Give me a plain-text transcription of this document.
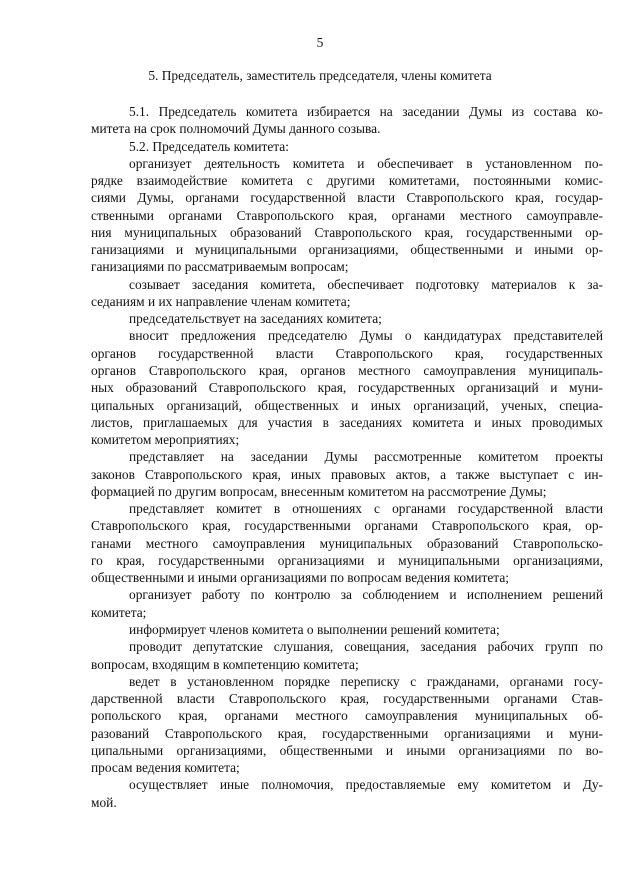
5
5. Председатель, заместитель председателя, члены комитета
5.1. Председатель комитета избирается на заседании Думы из состава ко-
митета на срок полномочий Думы данного созыва.
5.2. Председатель комитета:
организует деятельность комитета и обеспечивает в установленном по-
рядке взаимодействие комитета с другими комитетами, постоянными комис-
сиями Думы, органами государственной власти Ставропольского края, государ-
ственными органами Ставропольского края, органами местного самоуправле-
ния муниципальных образований Ставропольского края, государственными ор-
ганизациями и муниципальными организациями, общественными и иными ор-
ганизациями по рассматриваемым вопросам;
созывает заседания комитета, обеспечивает подготовку материалов к за-
седаниям и их направление членам комитета;
председательствует на заседаниях комитета;
вносит предложения председателю Думы о кандидатурах представителей
органов государственной власти Ставропольского края, государственных
органов Ставропольского края, органов местного самоуправления муниципаль-
ных образований Ставропольского края, государственных организаций и муни-
ципальных организаций, общественных и иных организаций, ученых, специа-
листов, приглашаемых для участия в заседаниях комитета и иных проводимых
комитетом мероприятиях;
представляет на заседании Думы рассмотренные комитетом проекты
законов Ставропольского края, иных правовых актов, а также выступает с ин-
формацией по другим вопросам, внесенным комитетом на рассмотрение Думы;
представляет комитет в отношениях с органами государственной власти
Ставропольского края, государственными органами Ставропольского края, ор-
ганами местного самоуправления муниципальных образований Ставропольско-
го края, государственными организациями и муниципальными организациями,
общественными и иными организациями по вопросам ведения комитета;
организует работу по контролю за соблюдением и исполнением решений
комитета;
информирует членов комитета о выполнении решений комитета;
проводит депутатские слушания, совещания, заседания рабочих групп по
вопросам, входящим в компетенцию комитета;
ведет в установленном порядке переписку с гражданами, органами госу-
дарственной власти Ставропольского края, государственными органами Став-
ропольского края, органами местного самоуправления муниципальных об-
разований Ставропольского края, государственными организациями и муни-
ципальными организациями, общественными и иными организациями по во-
просам ведения комитета;
осуществляет иные полномочия, предоставляемые ему комитетом и Ду-
мой.
